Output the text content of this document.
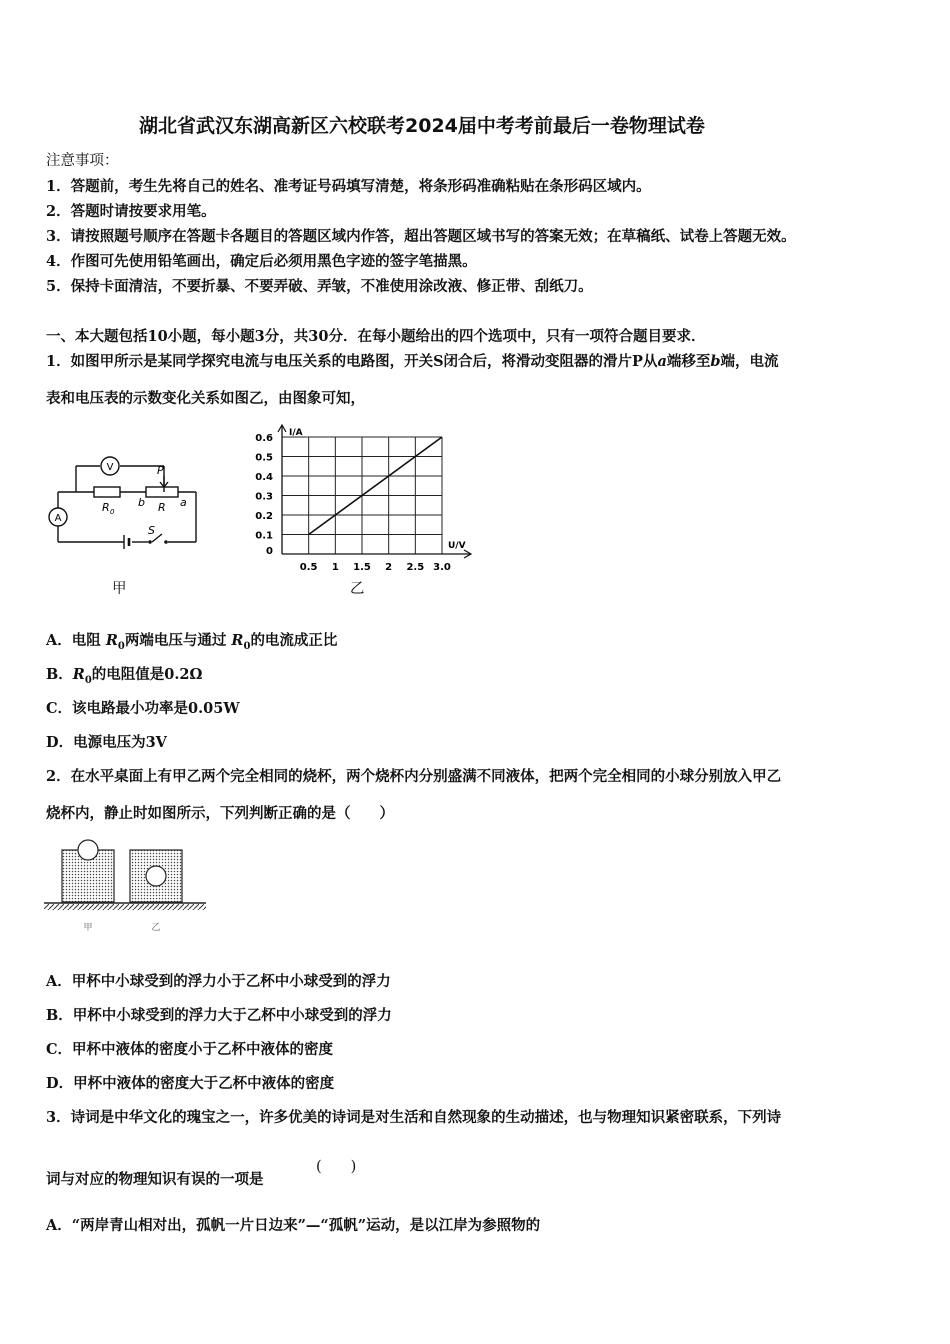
湖北省武汉东湖高新区六校联考2024届中考考前最后一卷物理试卷
注意事项：
1．答题前，考生先将自己的姓名、准考证号码填写清楚，将条形码准确粘贴在条形码区域内。
2．答题时请按要求用笔。
3．请按照题号顺序在答题卡各题目的答题区域内作答，超出答题区域书写的答案无效；在草稿纸、试卷上答题无效。
4．作图可先使用铅笔画出，确定后必须用黑色字迹的签字笔描黑。
5．保持卡面清洁，不要折暴、不要弄破、弄皱，不准使用涂改液、修正带、刮纸刀。
一、本大题包括10小题，每小题3分，共30分．在每小题给出的四个选项中，只有一项符合题目要求．
1．如图甲所示是某同学探究电流与电压关系的电路图，开关S闭合后，将滑动变阻器的滑片P从a端移至b端，电流
表和电压表的示数变化关系如图乙，由图象可知，
V
A
R 0	R
P
b	a
S
甲
I/A
U/V
0.5 1 1.5 2 2.5 3.0
0.6
0.5
0.4
0.3
0.2
0.1
0
乙
A．电阻 $R_0$两端电压与通过 $R_0$的电流成正比
B．$R_0$的电阻值是0.2Ω
C．该电路最小功率是0.05W
D．电源电压为3V
2．在水平桌面上有甲乙两个完全相同的烧杯，两个烧杯内分别盛满不同液体，把两个完全相同的小球分别放入甲乙
烧杯内，静止时如图所示，下列判断正确的是（　　）
甲	乙
A．甲杯中小球受到的浮力小于乙杯中小球受到的浮力
B．甲杯中小球受到的浮力大于乙杯中小球受到的浮力
C．甲杯中液体的密度小于乙杯中液体的密度
D．甲杯中液体的密度大于乙杯中液体的密度
3．诗词是中华文化的瑰宝之一，许多优美的诗词是对生活和自然现象的生动描述，也与物理知识紧密联系，下列诗
词与对应的物理知识有误的一项是
(　　)
A．“两岸青山相对出，孤帆一片日边来”—“孤帆”运动，是以江岸为参照物的
